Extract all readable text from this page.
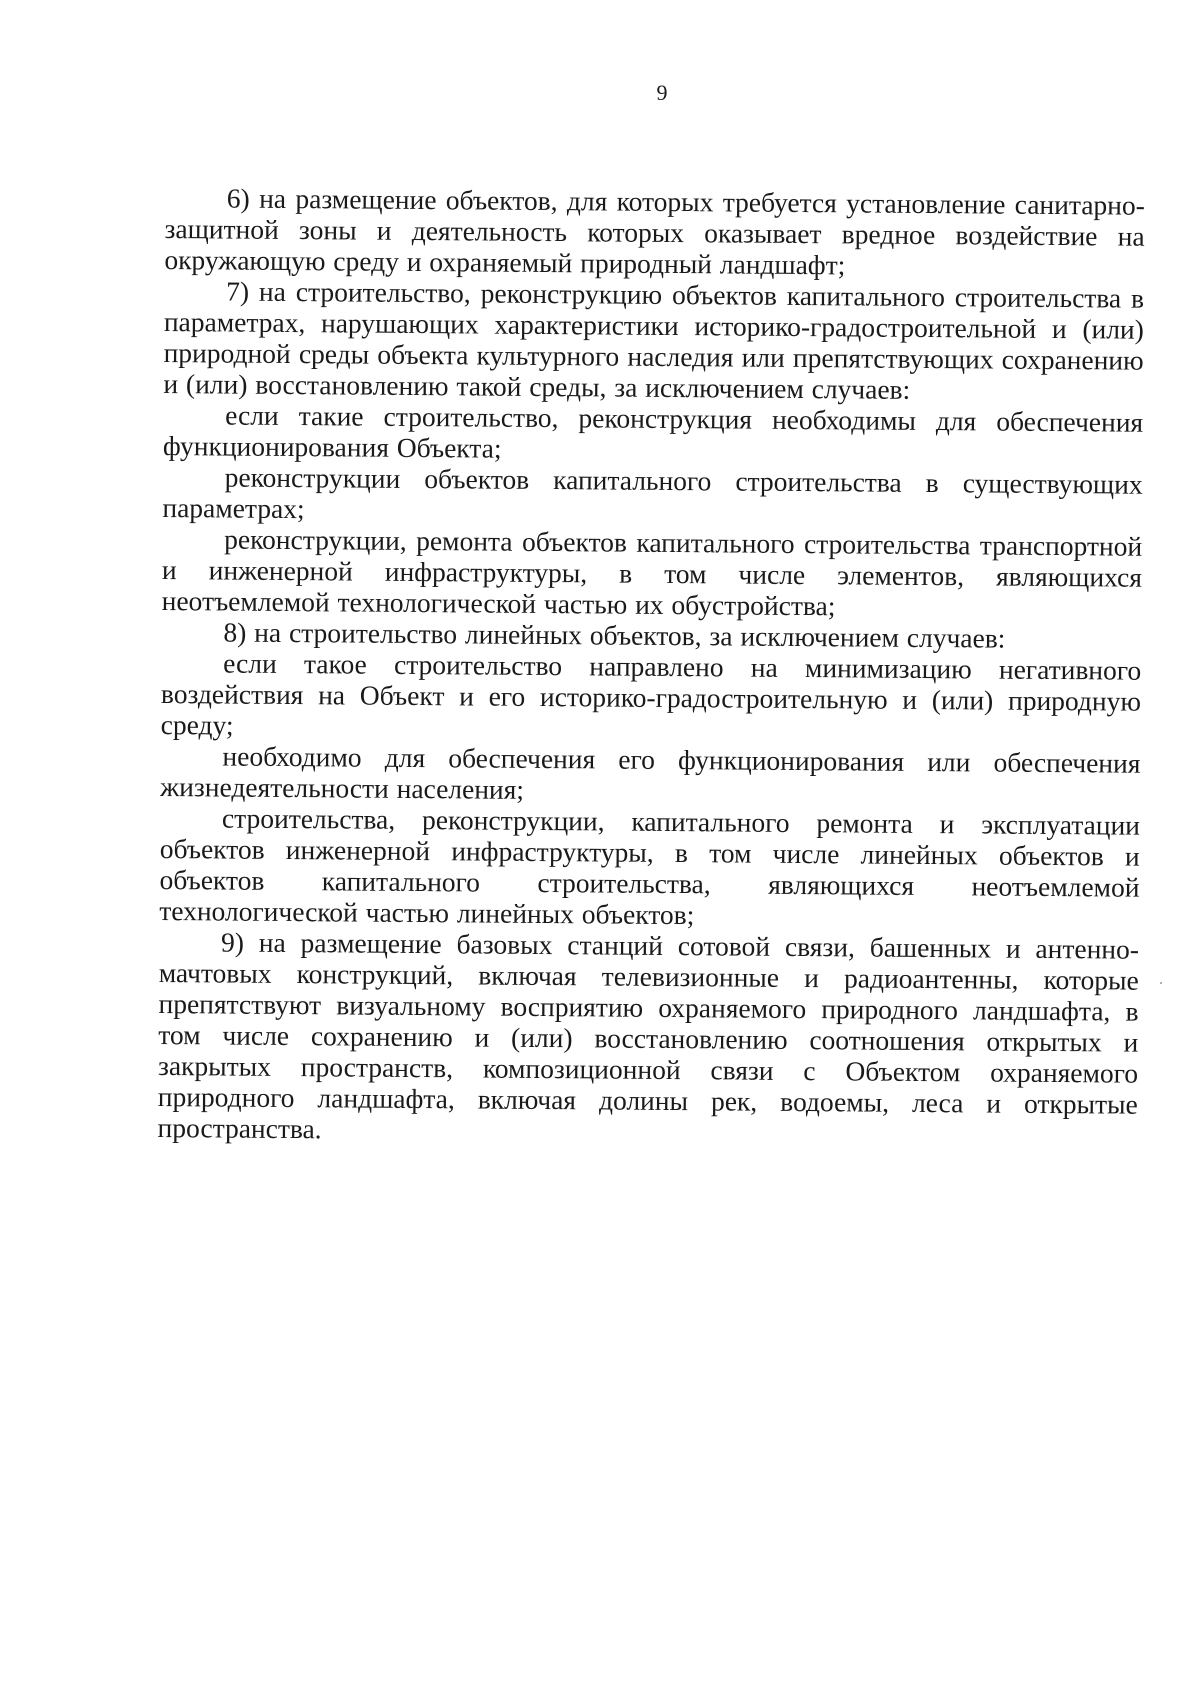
9

6) на размещение объектов, для которых требуется установление санитарно-защитной зоны и деятельность которых оказывает вредное воздействие на окружающую среду и охраняемый природный ландшафт;

7) на строительство, реконструкцию объектов капитального строительства в параметрах, нарушающих характеристики историко-градостроительной и (или) природной среды объекта культурного наследия или препятствующих сохранению и (или) восстановлению такой среды, за исключением случаев:

если такие строительство, реконструкция необходимы для обеспечения функционирования Объекта;

реконструкции объектов капитального строительства в существующих параметрах;

реконструкции, ремонта объектов капитального строительства транспортной и инженерной инфраструктуры, в том числе элементов, являющихся неотъемлемой технологической частью их обустройства;

8) на строительство линейных объектов, за исключением случаев:

если такое строительство направлено на минимизацию негативного воздействия на Объект и его историко-градостроительную и (или) природную среду;

необходимо для обеспечения его функционирования или обеспечения жизнедеятельности населения;

строительства, реконструкции, капитального ремонта и эксплуатации объектов инженерной инфраструктуры, в том числе линейных объектов и объектов капитального строительства, являющихся неотъемлемой технологической частью линейных объектов;

9) на размещение базовых станций сотовой связи, башенных и антенно-мачтовых конструкций, включая телевизионные и радиоантенны, которые препятствуют визуальному восприятию охраняемого природного ландшафта, в том числе сохранению и (или) восстановлению соотношения открытых и закрытых пространств, композиционной связи с Объектом охраняемого природного ландшафта, включая долины рек, водоемы, леса и открытые пространства.
